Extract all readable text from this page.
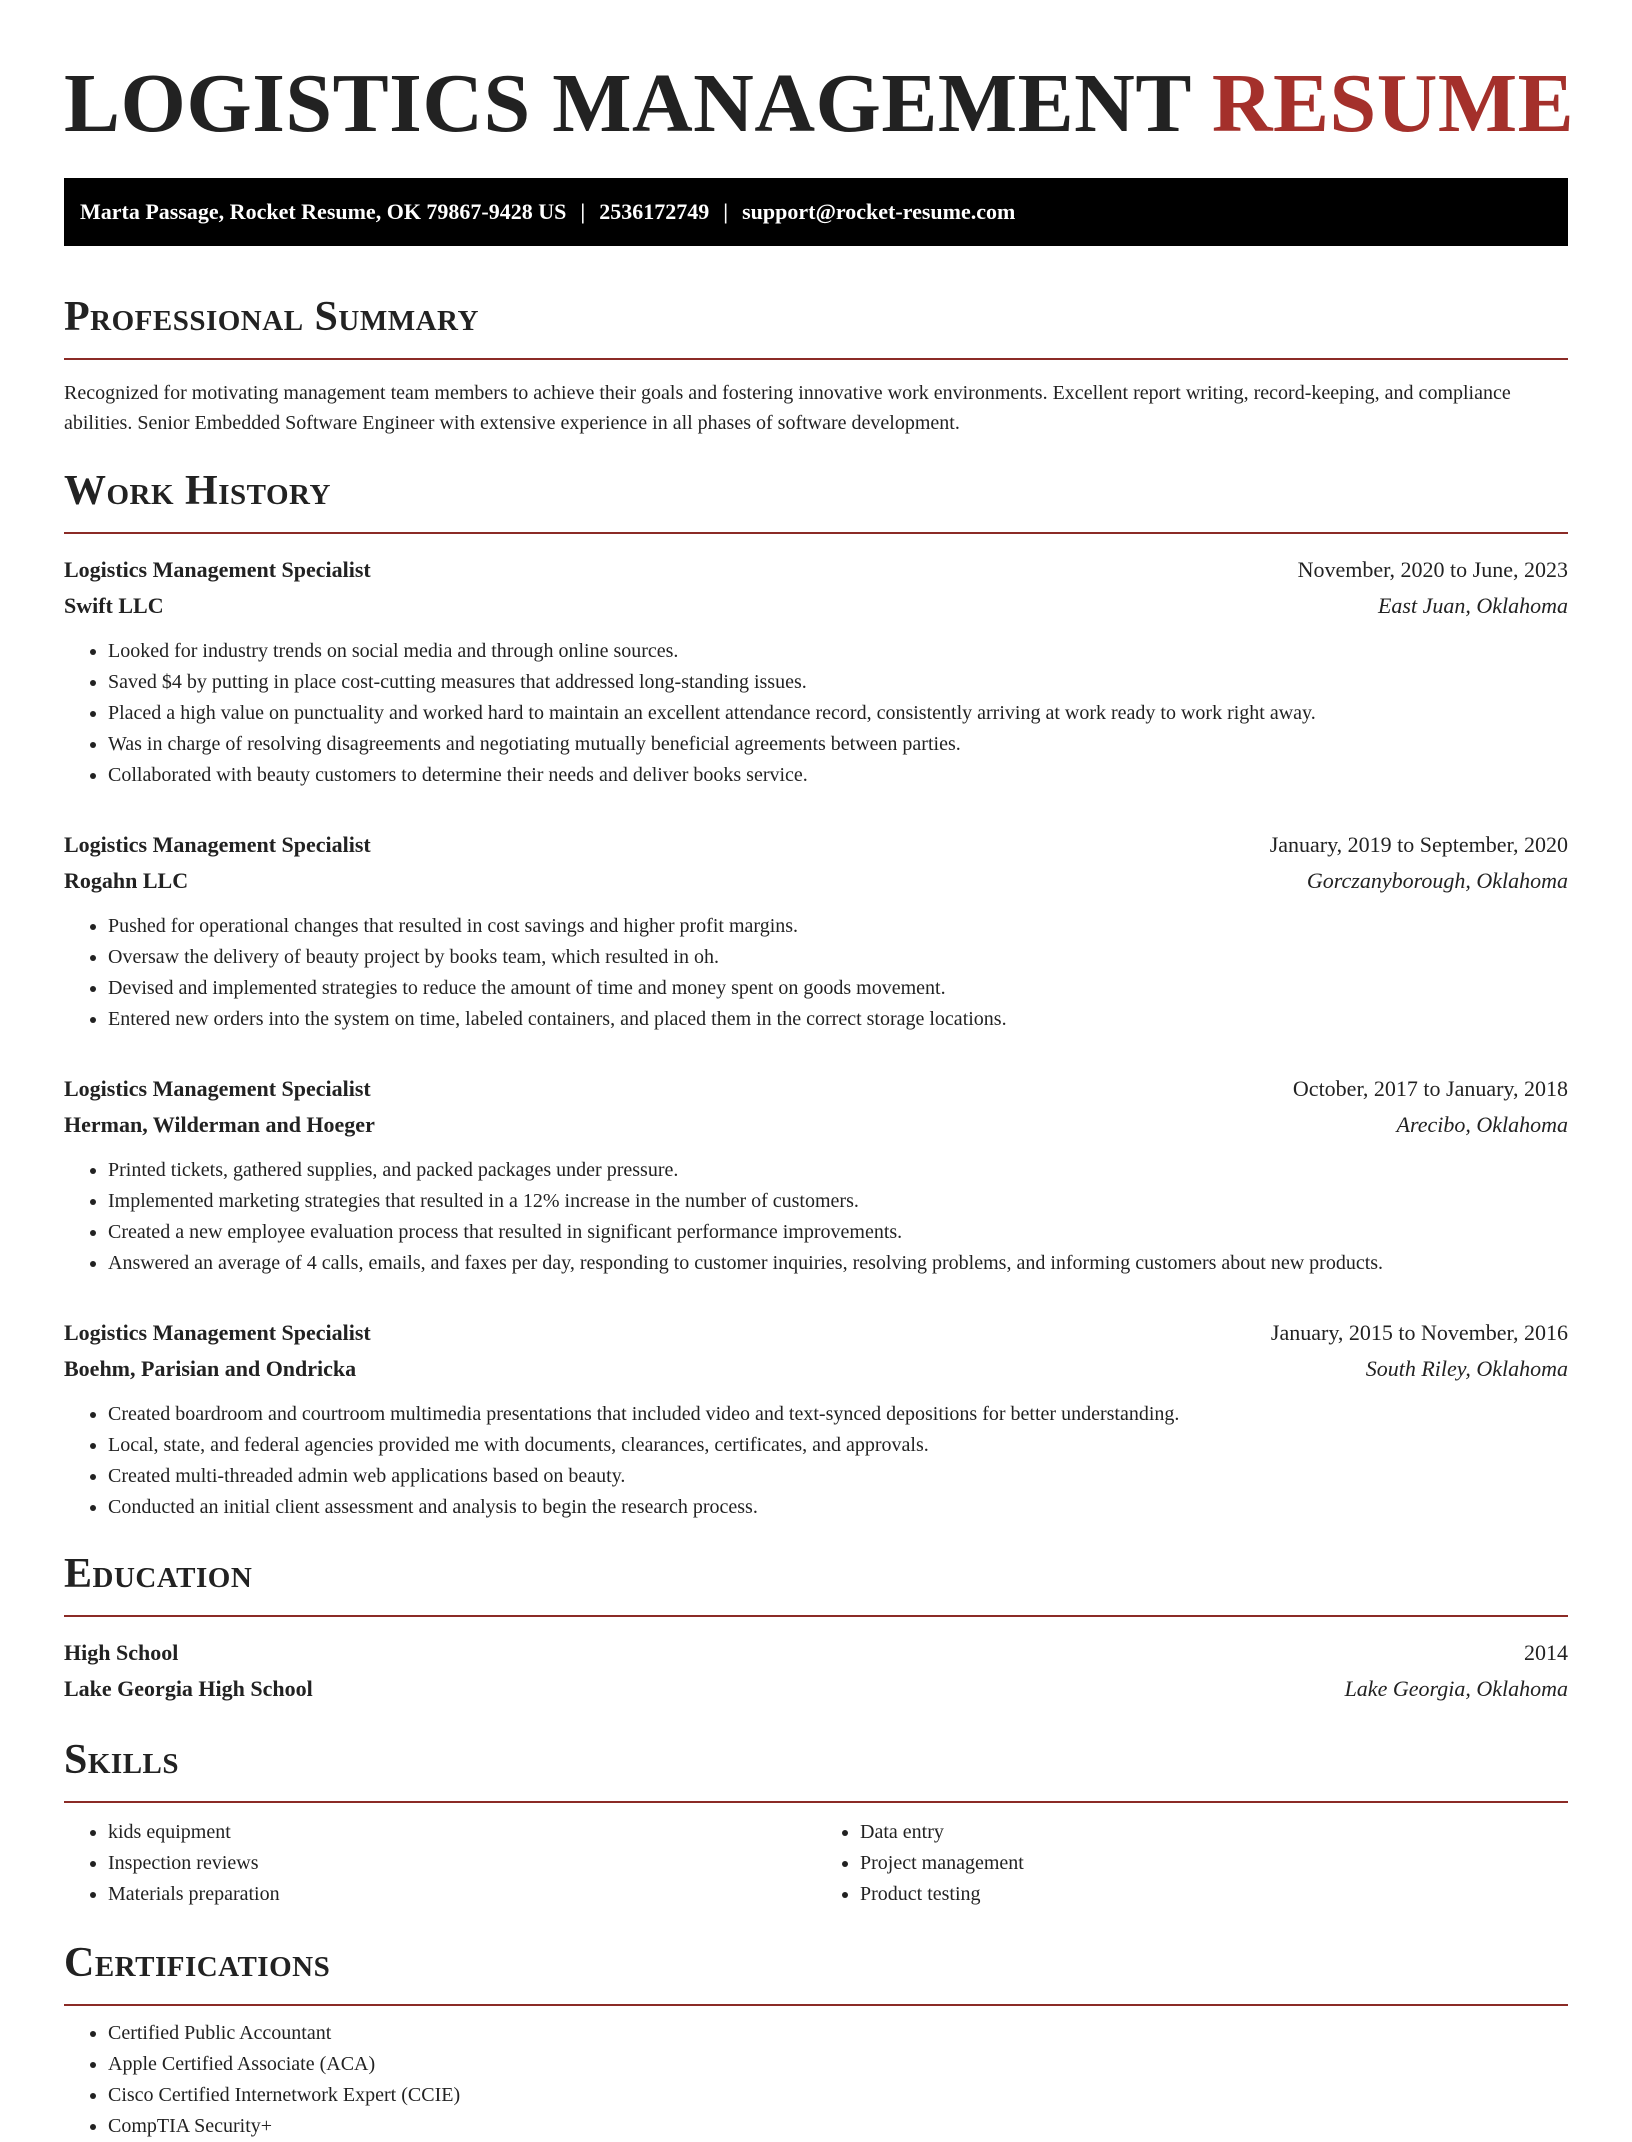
LOGISTICS MANAGEMENT RESUME
Marta Passage, Rocket Resume, OK 79867-9428 US | 2536172749 | support@rocket-resume.com
Professional Summary

Recognized for motivating management team members to achieve their goals and fostering innovative work environments. Excellent report writing, record-keeping, and compliance abilities. Senior Embedded Software Engineer with extensive experience in all phases of software development.

Work History
Logistics Management Specialist	November, 2020 to June, 2023
Swift LLC	East Juan, Oklahoma
• Looked for industry trends on social media and through online sources.
• Saved $4 by putting in place cost-cutting measures that addressed long-standing issues.
• Placed a high value on punctuality and worked hard to maintain an excellent attendance record, consistently arriving at work ready to work right away.
• Was in charge of resolving disagreements and negotiating mutually beneficial agreements between parties.
• Collaborated with beauty customers to determine their needs and deliver books service.
Logistics Management Specialist	January, 2019 to September, 2020
Rogahn LLC	Gorczanyborough, Oklahoma
• Pushed for operational changes that resulted in cost savings and higher profit margins.
• Oversaw the delivery of beauty project by books team, which resulted in oh.
• Devised and implemented strategies to reduce the amount of time and money spent on goods movement.
• Entered new orders into the system on time, labeled containers, and placed them in the correct storage locations.
Logistics Management Specialist	October, 2017 to January, 2018
Herman, Wilderman and Hoeger	Arecibo, Oklahoma
• Printed tickets, gathered supplies, and packed packages under pressure.
• Implemented marketing strategies that resulted in a 12% increase in the number of customers.
• Created a new employee evaluation process that resulted in significant performance improvements.
• Answered an average of 4 calls, emails, and faxes per day, responding to customer inquiries, resolving problems, and informing customers about new products.
Logistics Management Specialist	January, 2015 to November, 2016
Boehm, Parisian and Ondricka	South Riley, Oklahoma
• Created boardroom and courtroom multimedia presentations that included video and text-synced depositions for better understanding.
• Local, state, and federal agencies provided me with documents, clearances, certificates, and approvals.
• Created multi-threaded admin web applications based on beauty.
• Conducted an initial client assessment and analysis to begin the research process.
Education
High School	2014
Lake Georgia High School	Lake Georgia, Oklahoma
Skills
• kids equipment
• Inspection reviews
• Materials preparation
• Data entry
• Project management
• Product testing
Certifications
• Certified Public Accountant
• Apple Certified Associate (ACA)
• Cisco Certified Internetwork Expert (CCIE)
• CompTIA Security+
